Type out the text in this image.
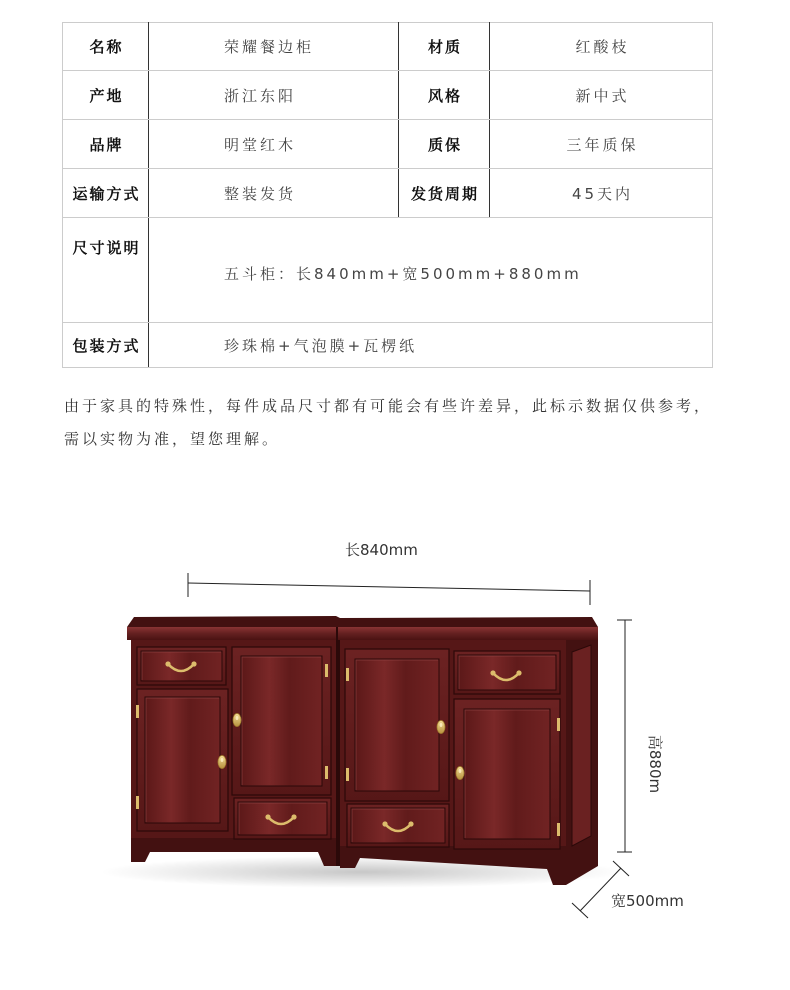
名称	荣耀餐边柜	材质	红酸枝
产地	浙江东阳	风格	新中式
品牌	明堂红木	质保	三年质保
运输方式	整装发货	发货周期	45天内
尺寸说明	五斗柜：长840mm+宽500mm+880mm		
包装方式	珍珠棉+气泡膜+瓦楞纸		
由于家具的特殊性，每件成品尺寸都有可能会有些许差异，此标示数据仅供参考，
需以实物为准，望您理解。
长840mm
高880m
宽500mm
